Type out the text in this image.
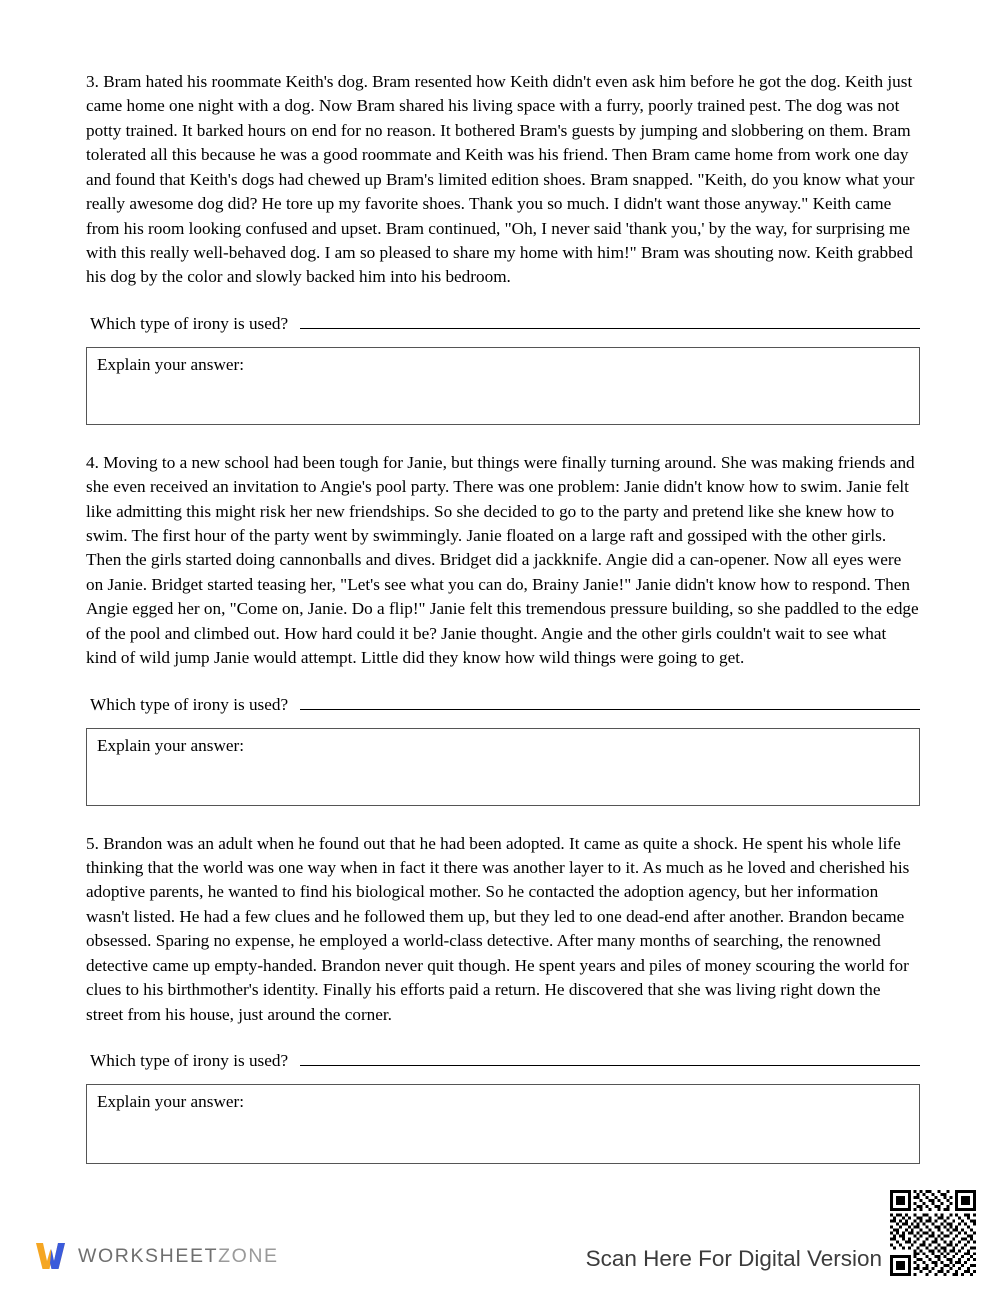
3. Bram hated his roommate Keith's dog. Bram resented how Keith didn't even ask him before he got the dog. Keith just came home one night with a dog. Now Bram shared his living space with a furry, poorly trained pest. The dog was not potty trained. It barked hours on end for no reason. It bothered Bram's guests by jumping and slobbering on them. Bram tolerated all this because he was a good roommate and Keith was his friend. Then Bram came home from work one day and found that Keith's dogs had chewed up Bram's limited edition shoes. Bram snapped. "Keith, do you know what your really awesome dog did? He tore up my favorite shoes. Thank you so much. I didn't want those anyway." Keith came from his room looking confused and upset. Bram continued, "Oh, I never said 'thank you,' by the way, for surprising me with this really well-behaved dog. I am so pleased to share my home with him!" Bram was shouting now. Keith grabbed his dog by the color and slowly backed him into his bedroom.

Which type of irony is used?
Explain your answer:

4. Moving to a new school had been tough for Janie, but things were finally turning around. She was making friends and she even received an invitation to Angie's pool party. There was one problem: Janie didn't know how to swim. Janie felt like admitting this might risk her new friendships. So she decided to go to the party and pretend like she knew how to swim. The first hour of the party went by swimmingly. Janie floated on a large raft and gossiped with the other girls. Then the girls started doing cannonballs and dives. Bridget did a jackknife. Angie did a can-opener. Now all eyes were on Janie. Bridget started teasing her, "Let's see what you can do, Brainy Janie!" Janie didn't know how to respond. Then Angie egged her on, "Come on, Janie. Do a flip!" Janie felt this tremendous pressure building, so she paddled to the edge of the pool and climbed out. How hard could it be? Janie thought. Angie and the other girls couldn't wait to see what kind of wild jump Janie would attempt. Little did they know how wild things were going to get.

Which type of irony is used?
Explain your answer:

5. Brandon was an adult when he found out that he had been adopted. It came as quite a shock. He spent his whole life thinking that the world was one way when in fact it there was another layer to it. As much as he loved and cherished his adoptive parents, he wanted to find his biological mother. So he contacted the adoption agency, but her information wasn't listed. He had a few clues and he followed them up, but they led to one dead-end after another. Brandon became obsessed. Sparing no expense, he employed a world-class detective. After many months of searching, the renowned detective came up empty-handed. Brandon never quit though. He spent years and piles of money scouring the world for clues to his birthmother's identity. Finally his efforts paid a return. He discovered that she was living right down the street from his house, just around the corner.

Which type of irony is used?
Explain your answer:
WORKSHEETZONE	Scan Here For Digital Version
